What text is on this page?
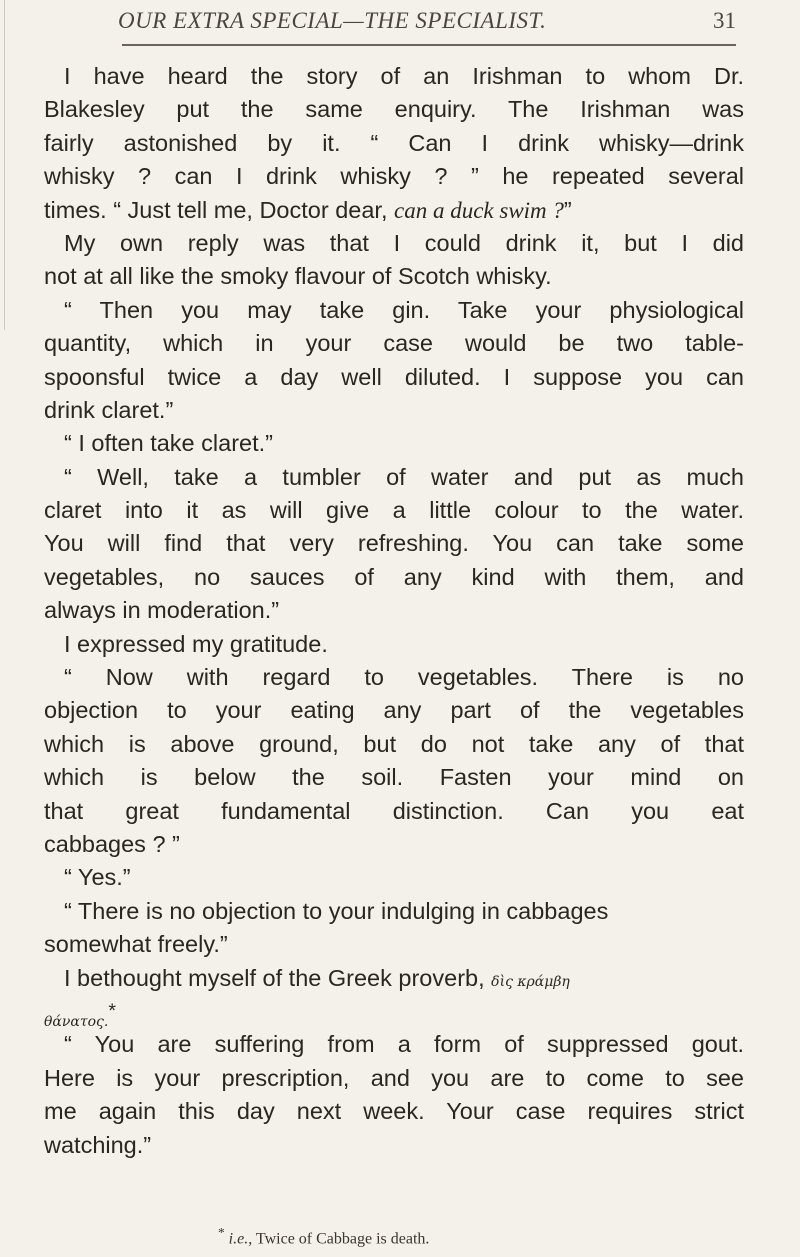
OUR EXTRA SPECIAL—THE SPECIALIST.	31
I have heard the story of an Irishman to whom Dr.
Blakesley put the same enquiry. The Irishman was
fairly astonished by it. “ Can I drink whisky—drink
whisky ? can I drink whisky ? ” he repeated several
times. “ Just tell me, Doctor dear, can a duck swim ?”
My own reply was that I could drink it, but I did
not at all like the smoky flavour of Scotch whisky.
“ Then you may take gin. Take your physiological
quantity, which in your case would be two table-
spoonsful twice a day well diluted. I suppose you can
drink claret.”
“ I often take claret.”
“ Well, take a tumbler of water and put as much
claret into it as will give a little colour to the water.
You will find that very refreshing. You can take some
vegetables, no sauces of any kind with them, and
always in moderation.”
I expressed my gratitude.
“ Now with regard to vegetables. There is no
objection to your eating any part of the vegetables
which is above ground, but do not take any of that
which is below the soil. Fasten your mind on
that great fundamental distinction. Can you eat
cabbages ? ”
“ Yes.”
“ There is no objection to your indulging in cabbages
somewhat freely.”
I bethought myself of the Greek proverb, δὶς κράμβη
θάνατος.*
“ You are suffering from a form of suppressed gout.
Here is your prescription, and you are to come to see
me again this day next week. Your case requires strict
watching.”
* i.e., Twice of Cabbage is death.
